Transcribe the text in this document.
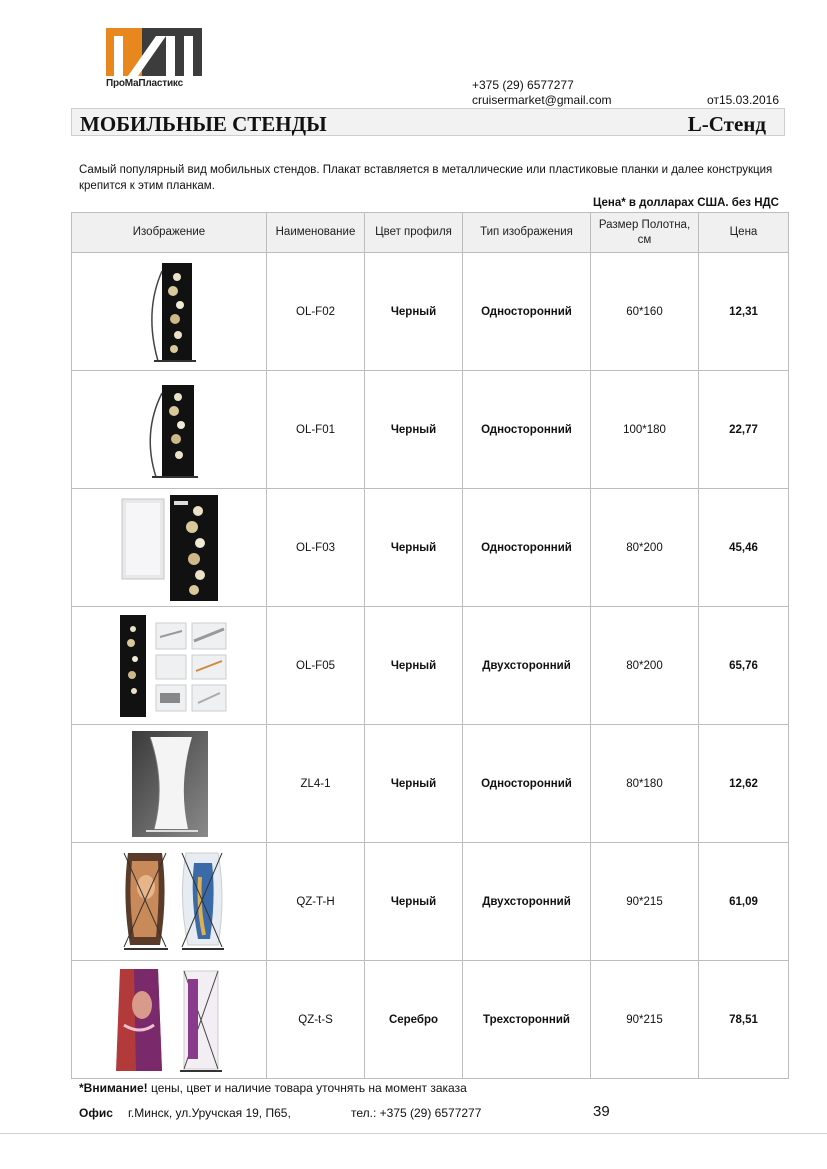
ПроМаПластикс	+375 (29) 6577277
cruisermarket@gmail.com	от15.03.2016
МОБИЛЬНЫЕ СТЕНДЫ	L-Стенд
Самый популярный вид мобильных стендов. Плакат вставляется в металлические или пластиковые планки и далее конструкция крепится к этим планкам.
Цена* в долларах США. без НДС
Изображение	Наименование	Цвет профиля	Тип изображения	Размер Полотна, см	Цена

	OL-F02	Черный	Односторонний	60*160	12,31

	OL-F01	Черный	Односторонний	100*180	22,77

	OL-F03	Черный	Односторонний	80*200	45,46

	OL-F05	Черный	Двухсторонний	80*200	65,76

	ZL4-1	Черный	Односторонний	80*180	12,62

	QZ-T-H	Черный	Двухсторонний	90*215	61,09

	QZ-t-S	Серебро	Трехсторонний	90*215	78,51
*Внимание! цены, цвет и наличие товара уточнять на момент заказа
Офис г.Минск, ул.Уручская 19, П65,	тел.: +375 (29) 6577277	39
